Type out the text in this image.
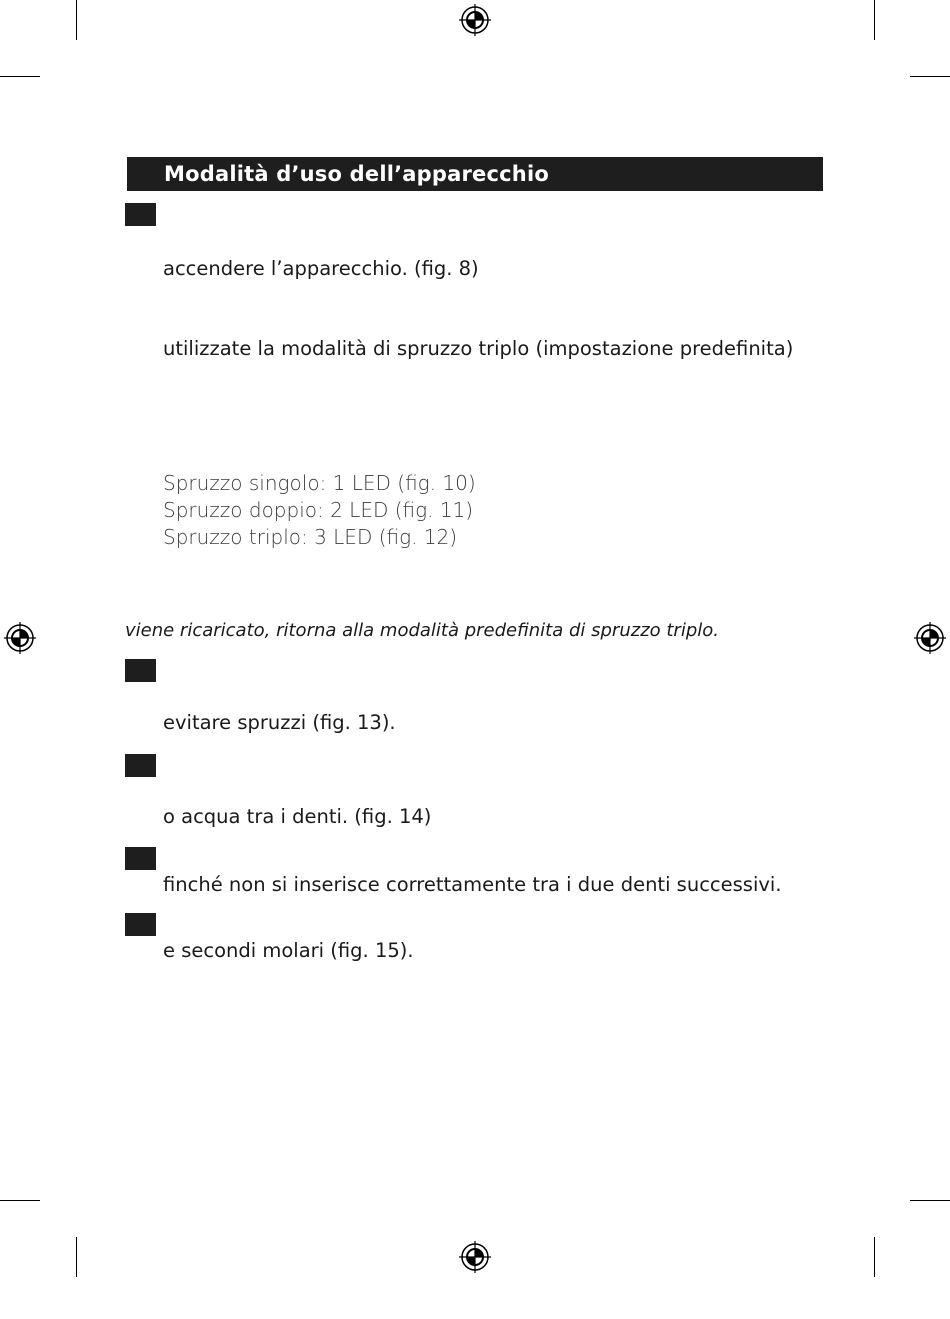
Modalità d’uso dell’apparecchio
accendere l’apparecchio. (fig. 8)
utilizzate la modalità di spruzzo triplo (impostazione predefinita)
Spruzzo singolo: 1 LED (fig. 10)
Spruzzo doppio: 2 LED (fig. 11)
Spruzzo triplo: 3 LED (fig. 12)
viene ricaricato, ritorna alla modalità predefinita di spruzzo triplo.
evitare spruzzi (fig. 13).
o acqua tra i denti. (fig. 14)
finché non si inserisce correttamente tra i due denti successivi.
e secondi molari (fig. 15).
